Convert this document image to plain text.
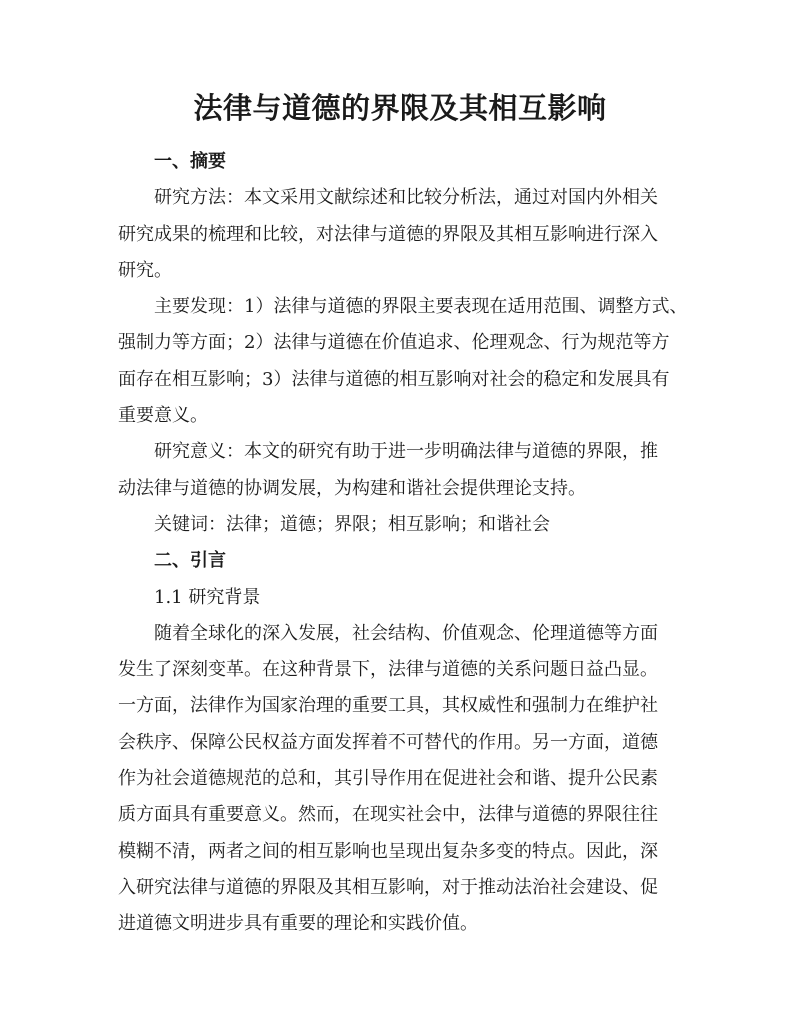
法律与道德的界限及其相互影响
一、摘要
研究方法：本文采用文献综述和比较分析法，通过对国内外相关
研究成果的梳理和比较，对法律与道德的界限及其相互影响进行深入
研究。
主要发现：1）法律与道德的界限主要表现在适用范围、调整方式、
强制力等方面；2）法律与道德在价值追求、伦理观念、行为规范等方
面存在相互影响；3）法律与道德的相互影响对社会的稳定和发展具有
重要意义。
研究意义：本文的研究有助于进一步明确法律与道德的界限，推
动法律与道德的协调发展，为构建和谐社会提供理论支持。
关键词：法律；道德；界限；相互影响；和谐社会
二、引言
1.1 研究背景
随着全球化的深入发展，社会结构、价值观念、伦理道德等方面
发生了深刻变革。在这种背景下，法律与道德的关系问题日益凸显。
一方面，法律作为国家治理的重要工具，其权威性和强制力在维护社
会秩序、保障公民权益方面发挥着不可替代的作用。另一方面，道德
作为社会道德规范的总和，其引导作用在促进社会和谐、提升公民素
质方面具有重要意义。然而，在现实社会中，法律与道德的界限往往
模糊不清，两者之间的相互影响也呈现出复杂多变的特点。因此，深
入研究法律与道德的界限及其相互影响，对于推动法治社会建设、促
进道德文明进步具有重要的理论和实践价值。
